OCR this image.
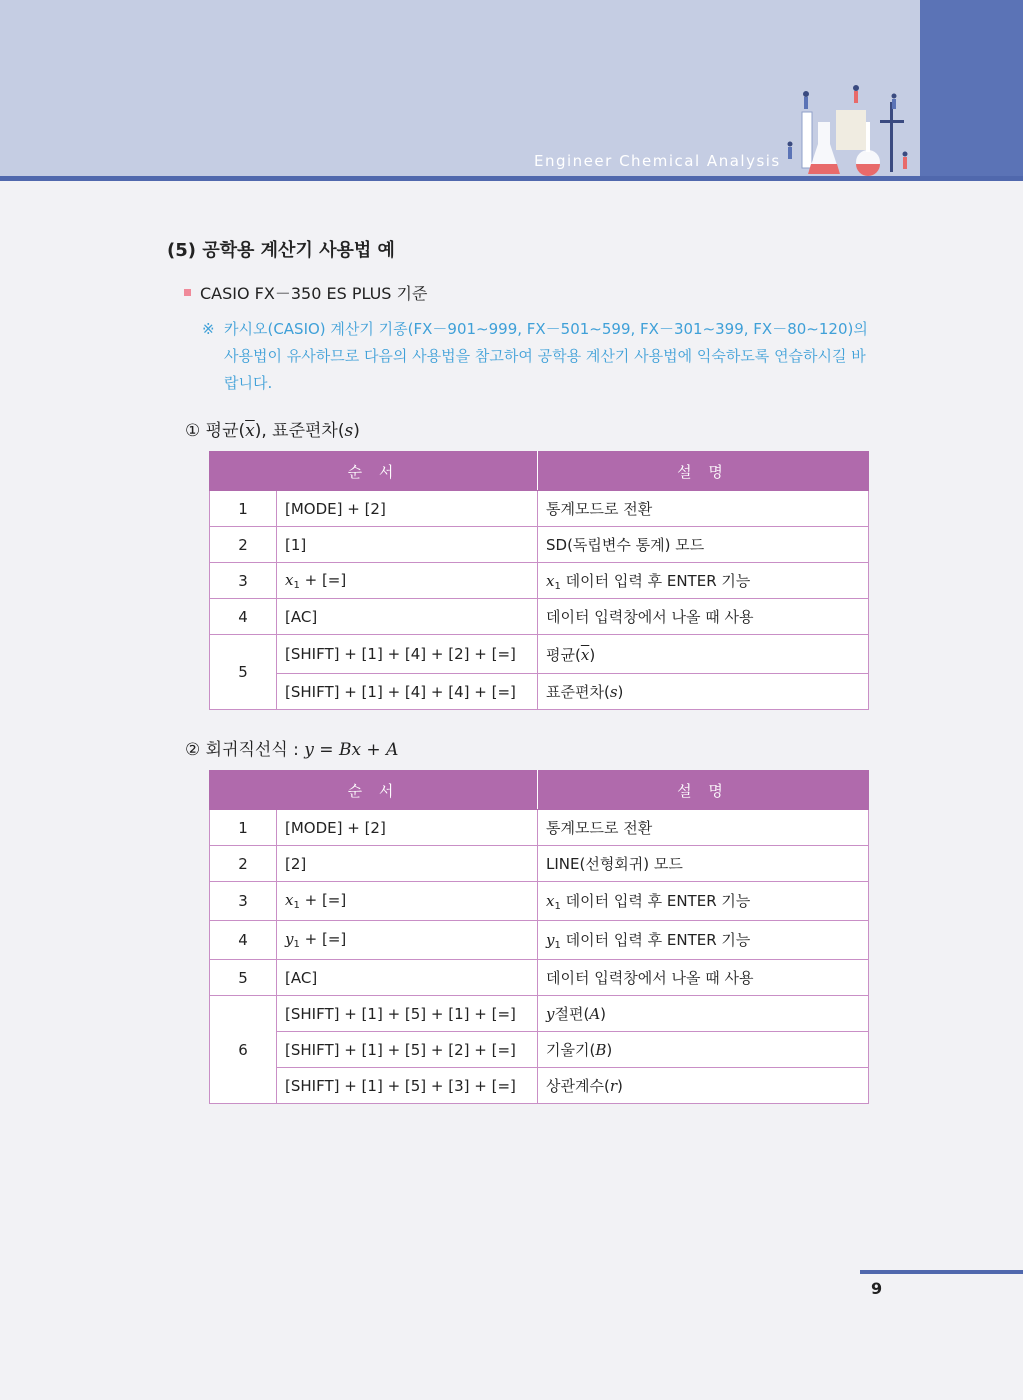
Engineer Chemical Analysis
(5) 공학용 계산기 사용법 예
CASIO FX－350 ES PLUS 기준
※ 카시오(CASIO) 계산기 기종(FX－901∼999, FX－501∼599, FX－301∼399, FX－80∼120)의 사용법이 유사하므로 다음의 사용법을 참고하여 공학용 계산기 사용법에 익숙하도록 연습하시길 바랍니다.
① 평균$(\overline{x})$, 표준편차(s)
순 서		설 명
1	[MODE] + [2]	통계모드로 전환
2	[1]	SD(독립변수 통계) 모드
3	$x_1$ + [=]	$x_1$ 데이터 입력 후 ENTER 기능
4	[AC]	데이터 입력창에서 나올 때 사용
5	[SHIFT] + [1] + [4] + [2] + [=]	평균$(\overline{x})$
	[SHIFT] + [1] + [4] + [4] + [=]	표준편차(s)
② 회귀직선식 : y = Bx + A
순 서		설 명
1	[MODE] + [2]	통계모드로 전환
2	[2]	LINE(선형회귀) 모드
3	$x_1$ + [=]	$x_1$ 데이터 입력 후 ENTER 기능
4	$y_1$ + [=]	$y_1$ 데이터 입력 후 ENTER 기능
5	[AC]	데이터 입력창에서 나올 때 사용
6	[SHIFT] + [1] + [5] + [1] + [=]	y절편(A)
	[SHIFT] + [1] + [5] + [2] + [=]	기울기(B)
	[SHIFT] + [1] + [5] + [3] + [=]	상관계수(r)
9
